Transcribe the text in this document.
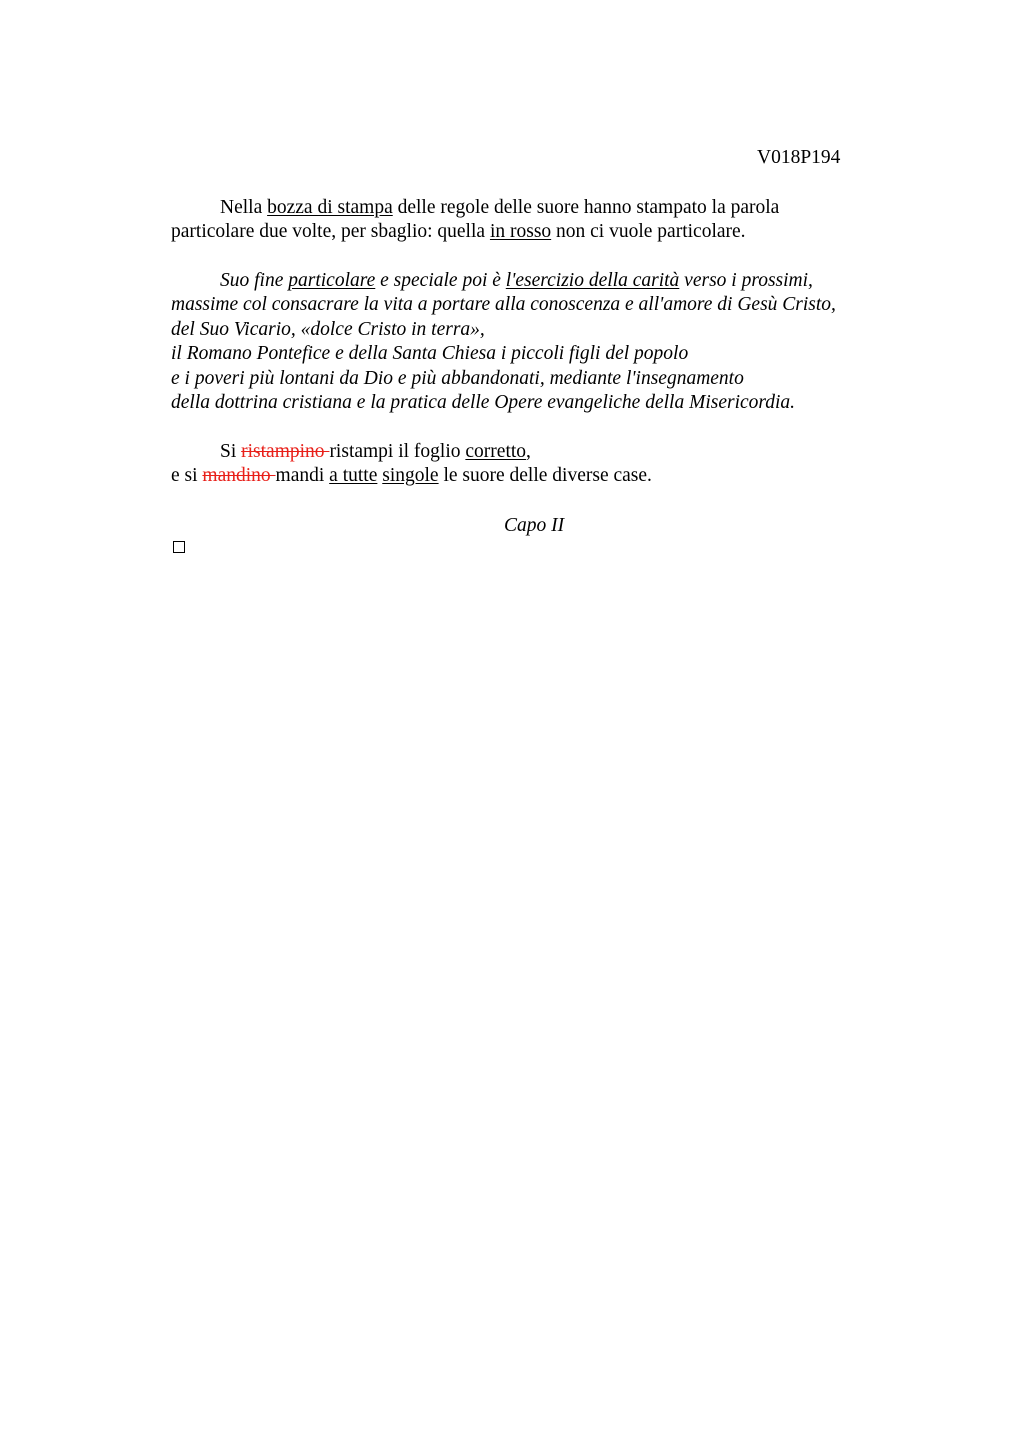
V018P194
Nella bozza di stampa delle regole delle suore hanno stampato la parola
particolare due volte, per sbaglio: quella in rosso non ci vuole particolare.
Suo fine particolare e speciale poi è l'esercizio della carità verso i prossimi,
massime col consacrare la vita a portare alla conoscenza e all'amore di Gesù Cristo,
del Suo Vicario, «dolce Cristo in terra»,
il Romano Pontefice e della Santa Chiesa i piccoli figli del popolo
e i poveri più lontani da Dio e più abbandonati, mediante l'insegnamento
della dottrina cristiana e la pratica delle Opere evangeliche della Misericordia.
Si ristampino ristampi il foglio corretto,
e si mandino mandi a tutte singole le suore delle diverse case.
Capo II
